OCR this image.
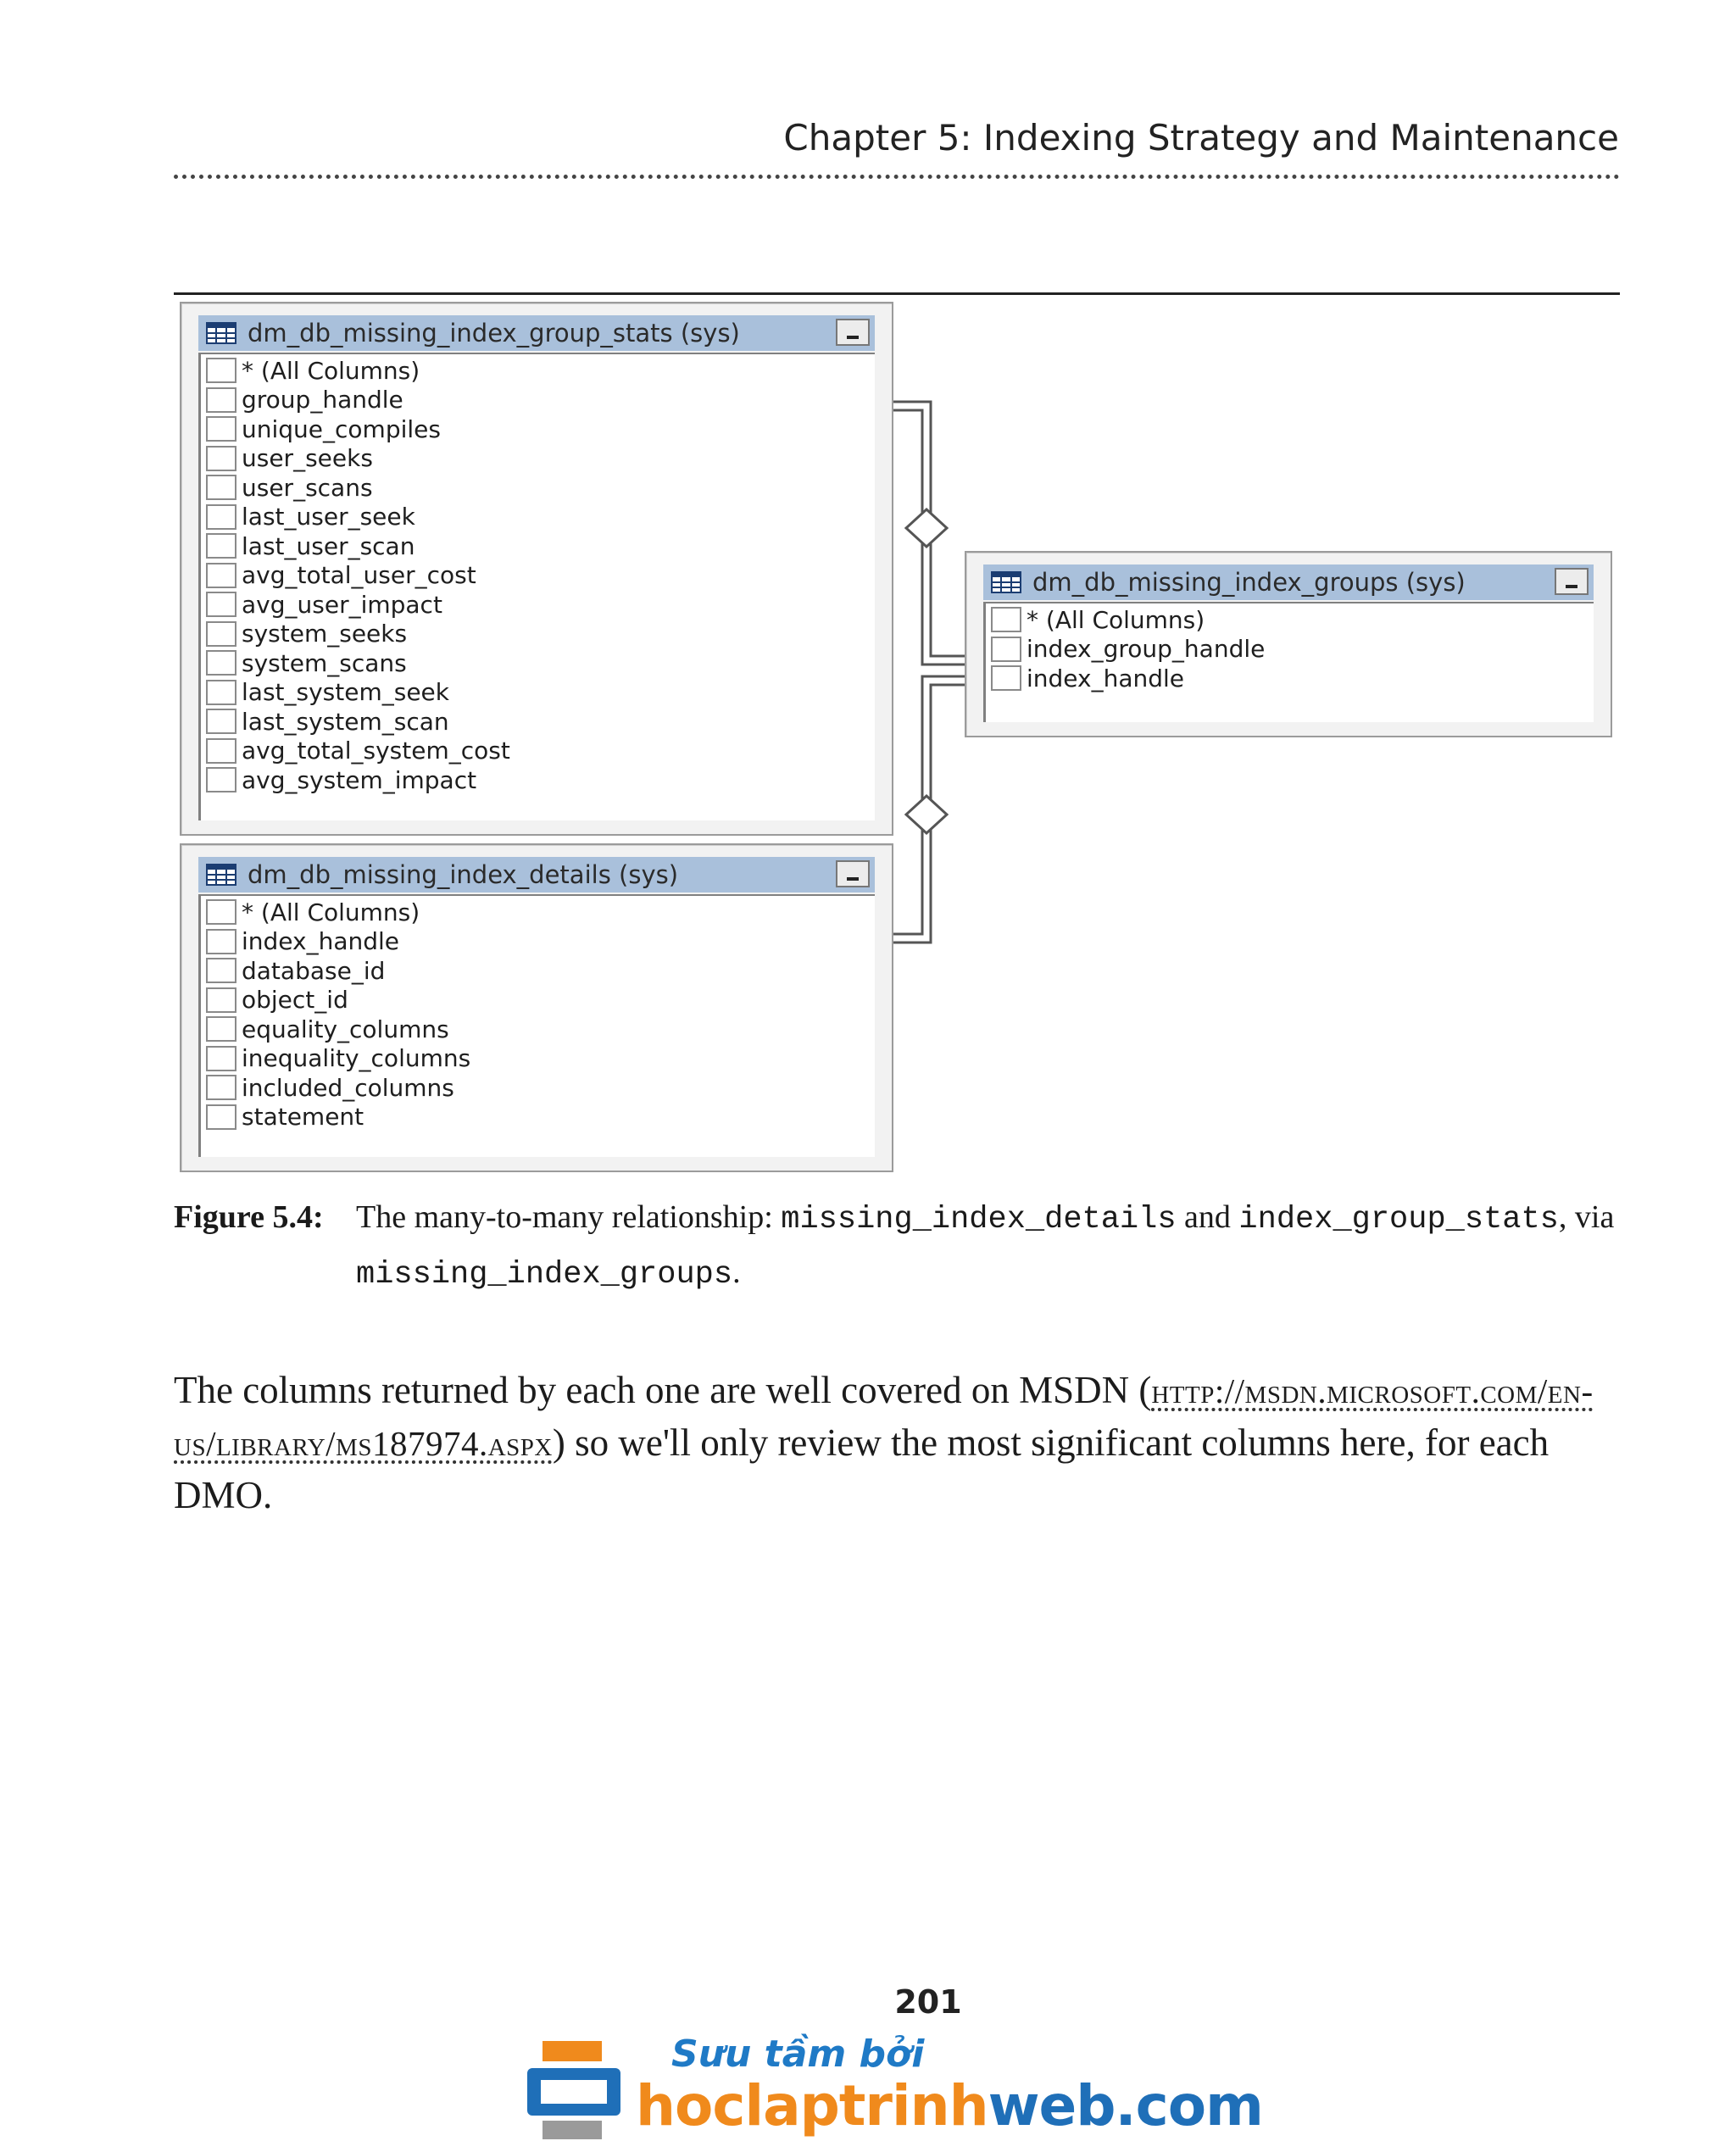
Chapter 5: Indexing Strategy and Maintenance
dm_db_missing_index_group_stats (sys)
* (All Columns)
group_handle
unique_compiles
user_seeks
user_scans
last_user_seek
last_user_scan
avg_total_user_cost
avg_user_impact
system_seeks
system_scans
last_system_seek
last_system_scan
avg_total_system_cost
avg_system_impact
dm_db_missing_index_groups (sys)
* (All Columns)
index_group_handle
index_handle
dm_db_missing_index_details (sys)
* (All Columns)
index_handle
database_id
object_id
equality_columns
inequality_columns
included_columns
statement
Figure 5.4: The many-to-many relationship: missing_index_details and index_group_stats, via missing_index_groups.

The columns returned by each one are well covered on MSDN (http://msdn.microsoft.com/en-us/library/ms187974.aspx) so we'll only review the most significant columns here, for each DMO.

201
Sưu tầm bởi
hoclaptrinhweb.com
